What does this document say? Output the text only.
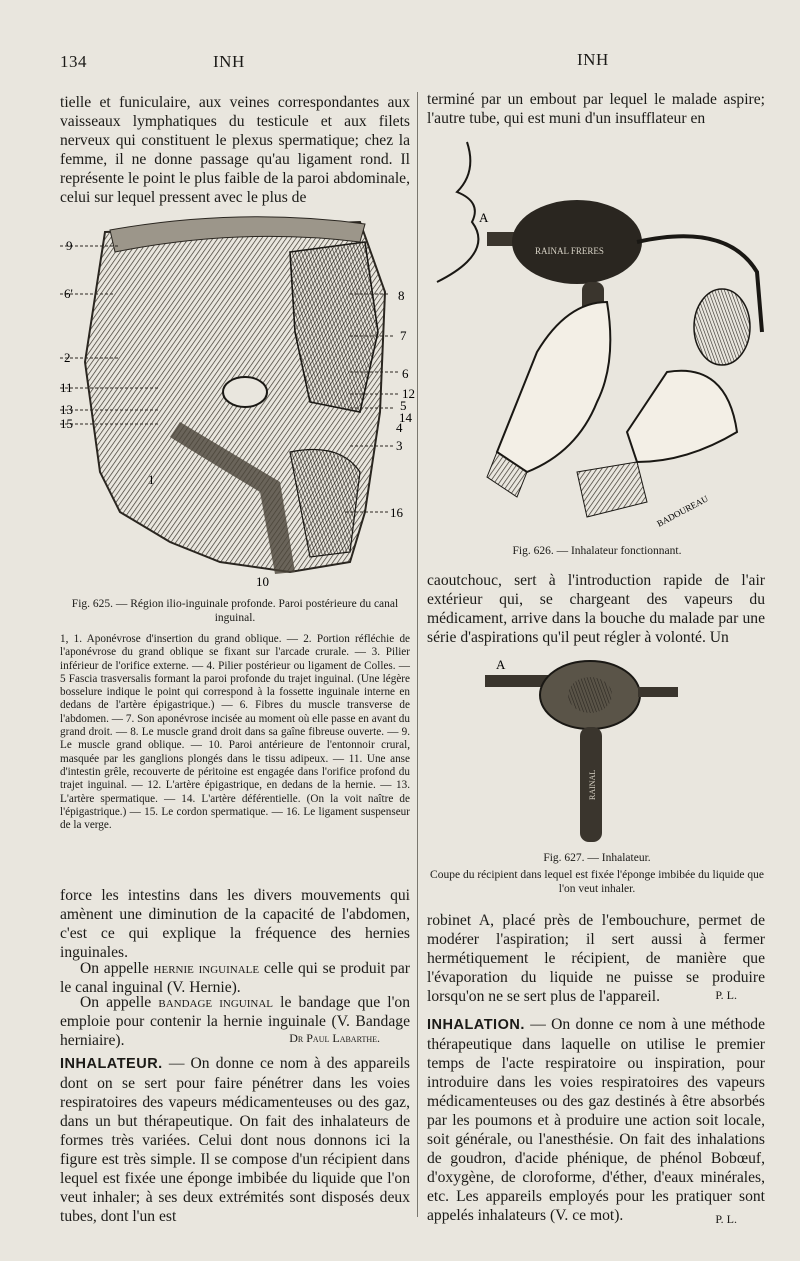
134	INH	INH

tielle et funiculaire, aux veines correspondantes aux vaisseaux lymphatiques du testicule et aux filets nerveux qui constituent le plexus spermatique; chez la femme, il ne donne passage qu'au ligament rond. Il représente le point le plus faible de la paroi abdominale, celui sur lequel pressent avec le plus de

9
6'	8
7
2
6
11	12
5
13
14
15	4
3
1
16
10

Fig. 625. — Région ilio-inguinale profonde. Paroi postérieure du canal inguinal.

1, 1. Aponévrose d'insertion du grand oblique. — 2. Portion réfléchie de l'aponévrose du grand oblique se fixant sur l'arcade crurale. — 3. Pilier inférieur de l'orifice externe. — 4. Pilier postérieur ou ligament de Colles. — 5 Fascia trasversalis formant la paroi profonde du trajet inguinal. (Une légère bosselure indique le point qui correspond à la fossette inguinale interne en dedans de l'artère épigastrique.) — 6. Fibres du muscle transverse de l'abdomen. — 7. Son aponévrose incisée au moment où elle passe en avant du grand droit. — 8. Le muscle grand droit dans sa gaîne fibreuse ouverte. — 9. Le muscle grand oblique. — 10. Paroi antérieure de l'entonnoir crural, masquée par les ganglions plongés dans le tissu adipeux. — 11. Une anse d'intestin grêle, recouverte de péritoine est engagée dans l'orifice profond du trajet inguinal. — 12. L'artère épigastrique, en dedans de la hernie. — 13. L'artère spermatique. — 14. L'artère déférentielle. (On la voit naître de l'épigastrique.) — 15. Le cordon spermatique. — 16. Le ligament suspenseur de la verge.

force les intestins dans les divers mouvements qui amènent une diminution de la capacité de l'abdomen, c'est ce qui explique la fréquence des hernies inguinales.

On appelle hernie inguinale celle qui se produit par le canal inguinal (V. Hernie).

On appelle bandage inguinal le bandage que l'on emploie pour contenir la hernie inguinale (V. Bandage herniaire).	Dr Paul Labarthe.

INHALATEUR. — On donne ce nom à des appareils dont on se sert pour faire pénétrer dans les voies respiratoires des vapeurs médicamenteuses ou des gaz, dans un but thérapeutique. On fait des inhalateurs de formes très variées. Celui dont nous donnons ici la figure est très simple. Il se compose d'un récipient dans lequel est fixée une éponge imbibée du liquide que l'on veut inhaler; à ses deux extrémités sont disposés deux tubes, dont l'un est

terminé par un embout par lequel le malade aspire; l'autre tube, qui est muni d'un insufflateur en

RAINAL FRERES
A
BADOUREAU

Fig. 626. — Inhalateur fonctionnant.

caoutchouc, sert à l'introduction rapide de l'air extérieur qui, se chargeant des vapeurs du médicament, arrive dans la bouche du malade par une série d'aspirations qu'il peut régler à volonté. Un

A
RAINAL

Fig. 627. — Inhalateur.

Coupe du récipient dans lequel est fixée l'éponge imbibée du liquide que l'on veut inhaler.

robinet A, placé près de l'embouchure, permet de modérer l'aspiration; il sert aussi à fermer hermétiquement le récipient, de manière que l'évaporation du liquide ne puisse se produire lorsqu'on ne se sert plus de l'appareil.	P. L.

INHALATION. — On donne ce nom à une méthode thérapeutique dans laquelle on utilise le premier temps de l'acte respiratoire ou inspiration, pour introduire dans les voies respiratoires des vapeurs médicamenteuses ou des gaz destinés à être absorbés par les poumons et à produire une action soit locale, soit générale, ou l'anesthésie. On fait des inhalations de goudron, d'acide phénique, de phénol Bobœuf, d'oxygène, de cloroforme, d'éther, d'eaux minérales, etc. Les appareils employés pour les pratiquer sont appelés inhalateurs (V. ce mot).	P. L.
